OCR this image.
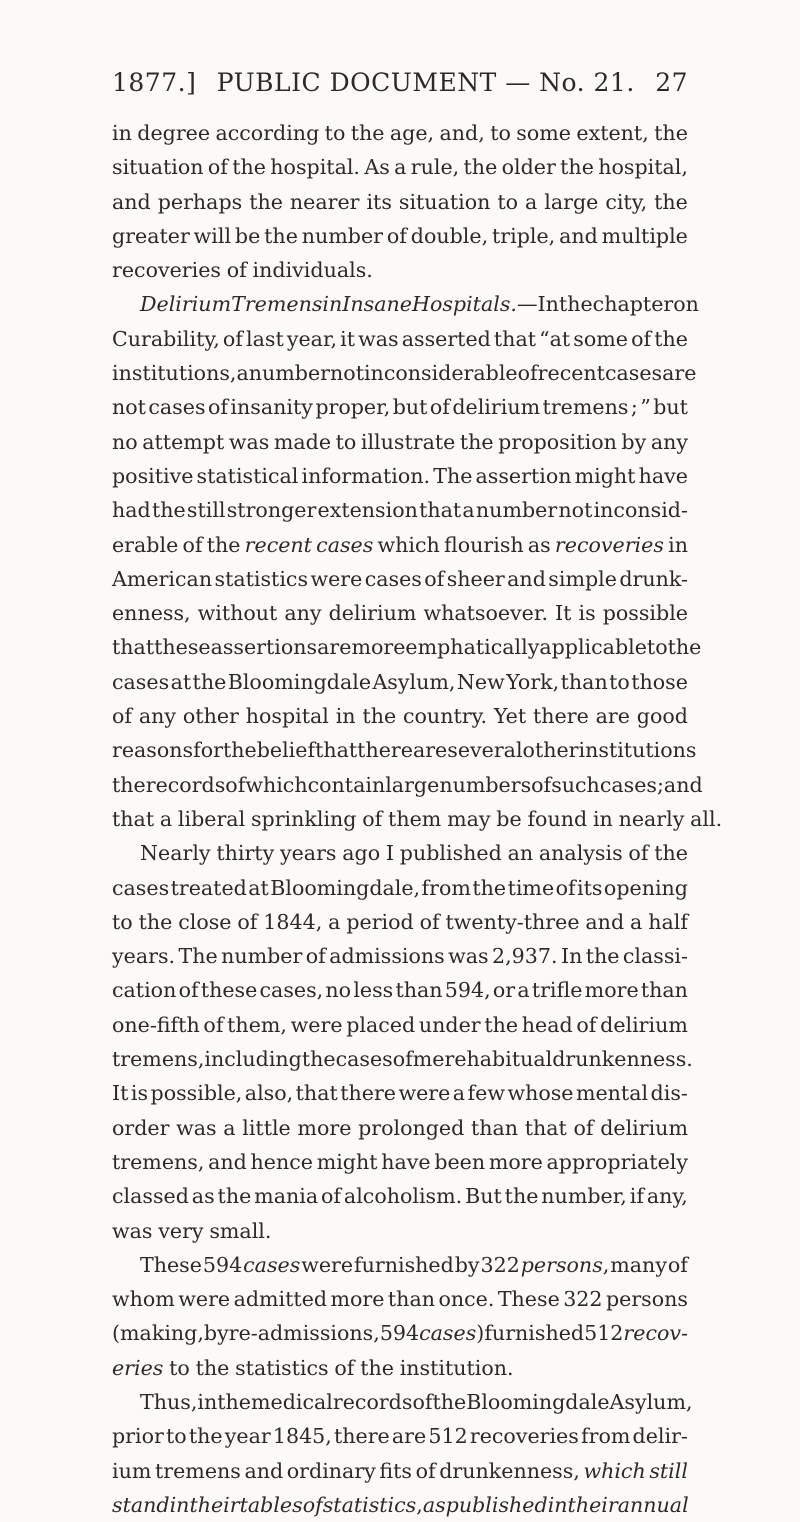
1877.] PUBLIC DOCUMENT — No. 21. 27
in degree according to the age, and, to some extent, the
situation of the hospital. As a rule, the older the hospital,
and perhaps the nearer its situation to a large city, the
greater will be the number of double, triple, and multiple
recoveries of individuals.
Delirium Tremens in Insane Hospitals. — In the chapter on
Curability, of last year, it was asserted that “at some of the
institutions, a number not inconsiderable of recent cases are
not cases of insanity proper, but of delirium tremens ; ” but
no attempt was made to illustrate the proposition by any
positive statistical information. The assertion might have
had the still stronger extension that a number not inconsid-
erable of the recent cases which flourish as recoveries in
American statistics were cases of sheer and simple drunk-
enness, without any delirium whatsoever. It is possible
that these assertions are more emphatically applicable to the
cases at the Bloomingdale Asylum, New York, than to those
of any other hospital in the country. Yet there are good
reasons for the belief that there are several other institutions
the records of which contain large numbers of such cases ; and
that a liberal sprinkling of them may be found in nearly all.
Nearly thirty years ago I published an analysis of the
cases treated at Bloomingdale, from the time of its opening
to the close of 1844, a period of twenty-three and a half
years. The number of admissions was 2,937. In the classi-
cation of these cases, no less than 594, or a trifle more than
one-fifth of them, were placed under the head of delirium
tremens, including the cases of mere habitual drunkenness.
It is possible, also, that there were a few whose mental dis-
order was a little more prolonged than that of delirium
tremens, and hence might have been more appropriately
classed as the mania of alcoholism. But the number, if any,
was very small.
These 594 cases were furnished by 322 persons, many of
whom were admitted more than once. These 322 persons
(making, by re-admissions, 594 cases) furnished 512 recov-
eries to the statistics of the institution.
Thus, in the medical records of the Bloomingdale Asylum,
prior to the year 1845, there are 512 recoveries from delir-
ium tremens and ordinary fits of drunkenness, which still
stand in their tables of statistics, as published in their annual
